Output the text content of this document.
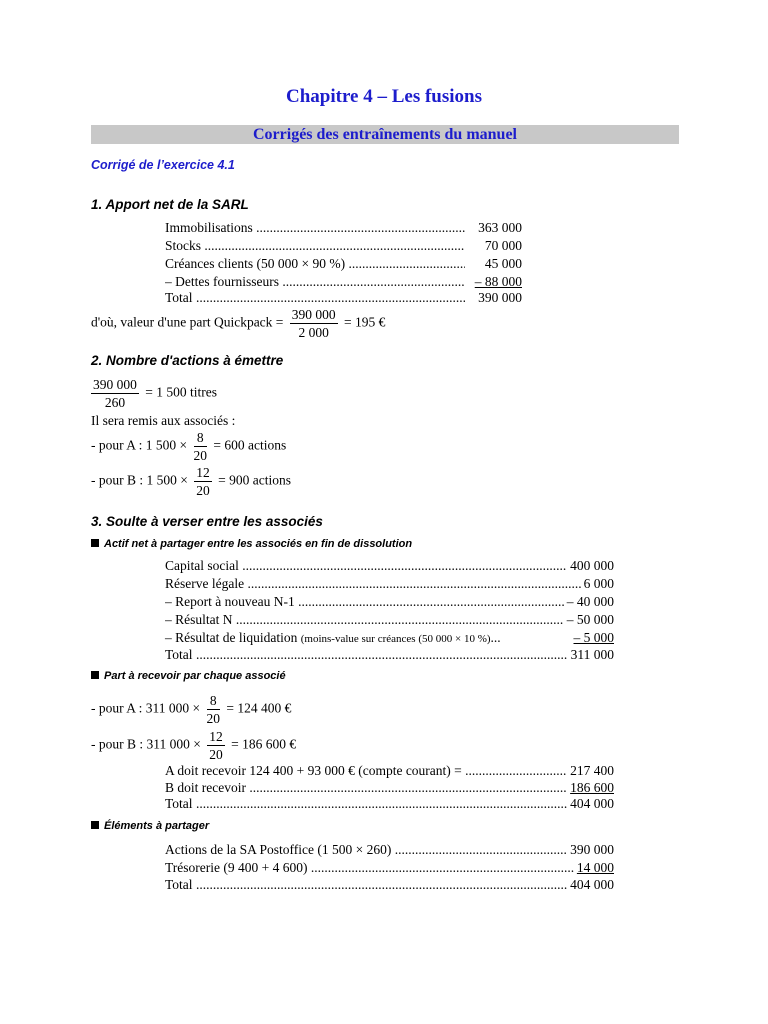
Chapitre 4 – Les fusions
Corrigés des entraînements du manuel
Corrigé de l’exercice 4.1
1. Apport net de la SARL
Immobilisations .....	363 000
Stocks .....	70 000
Créances clients (50 000 × 90 %) .....	45 000
– Dettes fournisseurs .....	– 88 000
Total .....	390 000
d'où, valeur d'une part Quickpack = $\frac{390 000}{2 000} = 195$ €
2. Nombre d'actions à émettre
$\frac{390 000}{260} = 1$ 500 titres
Il sera remis aux associés :
- pour A : 1 $500 \times \frac{8}{20} = 600$ actions
- pour B : 1 $500 \times \frac{12}{20} = 900$ actions
3. Soulte à verser entre les associés
Actif net à partager entre les associés en fin de dissolution
Capital social .....	400 000
Réserve légale .....	6 000
– Report à nouveau N-1 .....	– 40 000
– Résultat N .....	– 50 000
– Résultat de liquidation (moins-value sur créances (50 000 × 10 %)...	– 5 000
Total .....	311 000
Part à recevoir par chaque associé
- pour A : 311 $000 \times \frac{8}{20} = 124$ 400 €
- pour B : 311 $000 \times \frac{12}{20} = 186$ 600 €
A doit recevoir 124 400 + 93 000 € (compte courant) = .....	217 400
B doit recevoir .....	186 600
Total .....	404 000
Éléments à partager
Actions de la SA Postoffice (1 500 × 260) .....	390 000
Trésorerie (9 400 + 4 600) .....	14 000
Total .....	404 000
